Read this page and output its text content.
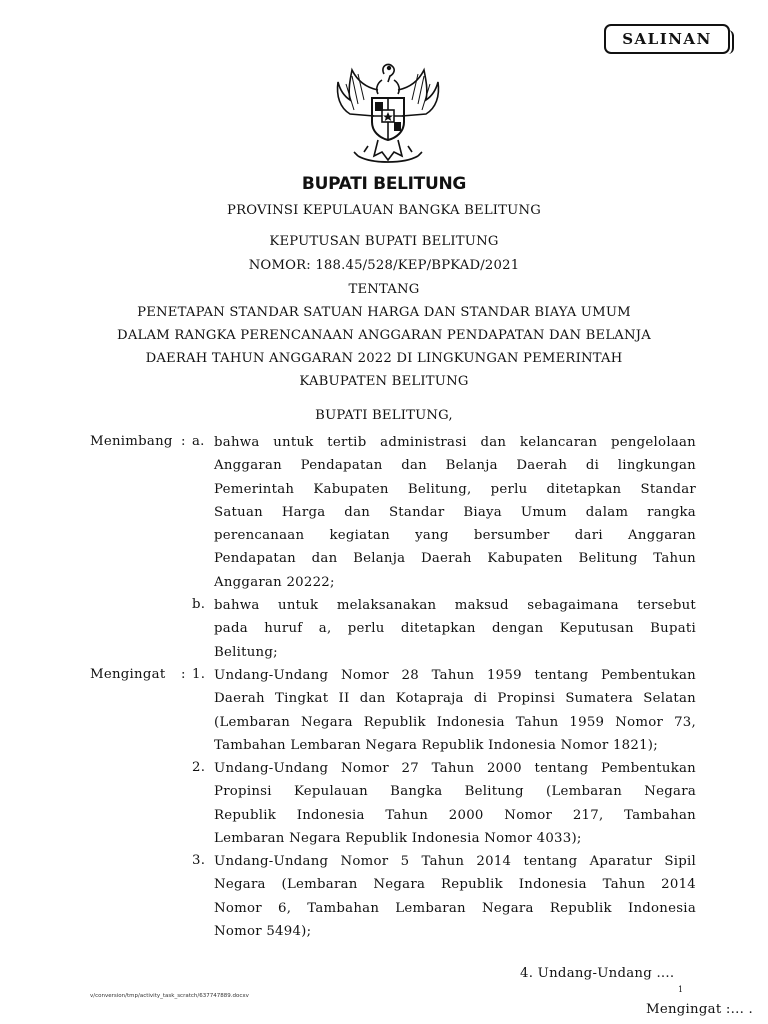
SALINAN
BUPATI BELITUNG
PROVINSI KEPULAUAN BANGKA BELITUNG
KEPUTUSAN BUPATI BELITUNG
NOMOR: 188.45/528/KEP/BPKAD/2021
TENTANG
PENETAPAN STANDAR SATUAN HARGA DAN STANDAR BIAYA UMUM
DALAM RANGKA PERENCANAAN ANGGARAN PENDAPATAN DAN BELANJA
DAERAH TAHUN ANGGARAN 2022 DI LINGKUNGAN PEMERINTAH
KABUPATEN BELITUNG
BUPATI BELITUNG,
Menimbang : a. bahwa untuk tertib administrasi dan kelancaran pengelolaan
Anggaran Pendapatan dan Belanja Daerah di lingkungan
Pemerintah Kabupaten Belitung, perlu ditetapkan Standar
Satuan Harga dan Standar Biaya Umum dalam rangka
perencanaan kegiatan yang bersumber dari Anggaran
Pendapatan dan Belanja Daerah Kabupaten Belitung Tahun
Anggaran 20222;
b. bahwa untuk melaksanakan maksud sebagaimana tersebut
pada huruf a, perlu ditetapkan dengan Keputusan Bupati
Belitung;
Mengingat : 1. Undang-Undang Nomor 28 Tahun 1959 tentang Pembentukan
Daerah Tingkat II dan Kotapraja di Propinsi Sumatera Selatan
(Lembaran Negara Republik Indonesia Tahun 1959 Nomor 73,
Tambahan Lembaran Negara Republik Indonesia Nomor 1821);
2. Undang-Undang Nomor 27 Tahun 2000 tentang Pembentukan
Propinsi Kepulauan Bangka Belitung (Lembaran Negara
Republik Indonesia Tahun 2000 Nomor 217, Tambahan
Lembaran Negara Republik Indonesia Nomor 4033);
3. Undang-Undang Nomor 5 Tahun 2014 tentang Aparatur Sipil
Negara (Lembaran Negara Republik Indonesia Tahun 2014
Nomor 6, Tambahan Lembaran Negara Republik Indonesia
Nomor 5494);
4. Undang-Undang ....
v/conversion/tmp/activity_task_scratch/637747889.docxv
1
Mengingat :... .
